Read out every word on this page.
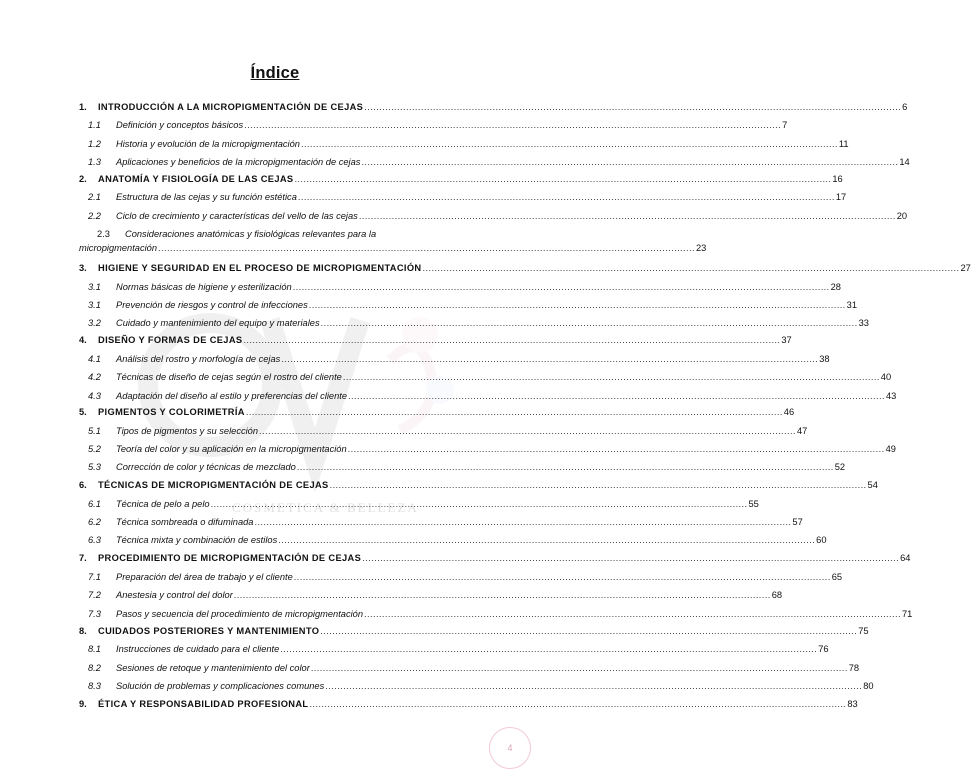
COSMETICA & BELLEZA
Índice
1.	INTRODUCCIÓN A LA MICROPIGMENTACIÓN DE CEJAS .....	6
1.1	Definición y conceptos básicos .....	7
1.2	Historia y evolución de la micropigmentación .....	11
1.3	Aplicaciones y beneficios de la micropigmentación de cejas .....	14
2.	ANATOMÍA Y FISIOLOGÍA DE LAS CEJAS .....	16
2.1	Estructura de las cejas y su función estética .....	17
2.2	Ciclo de crecimiento y características del vello de las cejas .....	20
2.3 Consideraciones anatómicas y fisiológicas relevantes para la
micropigmentación .....	23
3.	HIGIENE Y SEGURIDAD EN EL PROCESO DE MICROPIGMENTACIÓN .....	27
3.1	Normas básicas de higiene y esterilización .....	28
3.1	Prevención de riesgos y control de infecciones .....	31
3.2	Cuidado y mantenimiento del equipo y materiales .....	33
4.	DISEÑO Y FORMAS DE CEJAS .....	37
4.1	Análisis del rostro y morfología de cejas .....	38
4.2	Técnicas de diseño de cejas según el rostro del cliente .....	40
4.3	Adaptación del diseño al estilo y preferencias del cliente .....	43
5.	PIGMENTOS Y COLORIMETRÍA .....	46
5.1	Tipos de pigmentos y su selección .....	47
5.2	Teoría del color y su aplicación en la micropigmentación .....	49
5.3	Corrección de color y técnicas de mezclado .....	52
6.	TÉCNICAS DE MICROPIGMENTACIÓN DE CEJAS .....	54
6.1	Técnica de pelo a pelo .....	55
6.2	Técnica sombreada o difuminada .....	57
6.3	Técnica mixta y combinación de estilos .....	60
7.	PROCEDIMIENTO DE MICROPIGMENTACIÓN DE CEJAS .....	64
7.1	Preparación del área de trabajo y el cliente .....	65
7.2	Anestesia y control del dolor .....	68
7.3	Pasos y secuencia del procedimiento de micropigmentación .....	71
8.	CUIDADOS POSTERIORES Y MANTENIMIENTO .....	75
8.1	Instrucciones de cuidado para el cliente .....	76
8.2	Sesiones de retoque y mantenimiento del color .....	78
8.3	Solución de problemas y complicaciones comunes .....	80
9.	ÉTICA Y RESPONSABILIDAD PROFESIONAL .....	83
4
